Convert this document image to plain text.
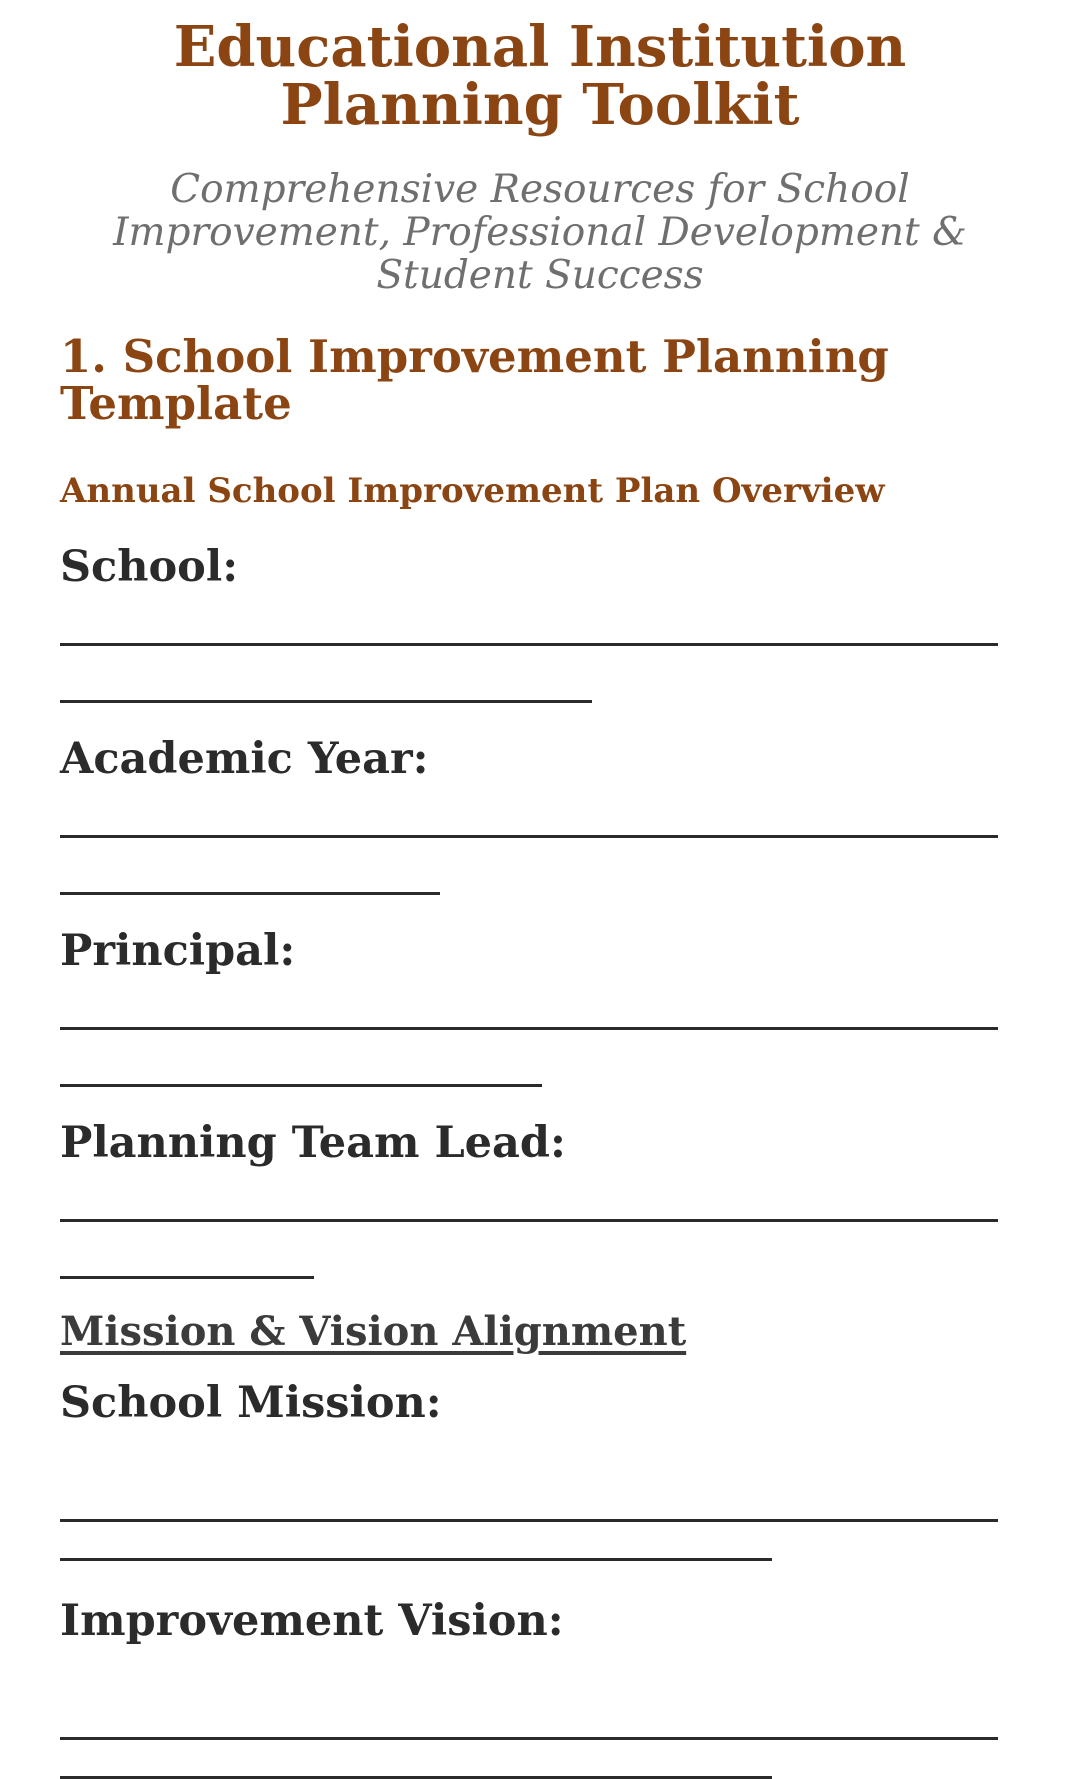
Educational Institution Planning Toolkit

Comprehensive Resources for School Improvement, Professional Development & Student Success

1. School Improvement Planning Template
Annual School Improvement Plan Overview
School:
Academic Year:
Principal:
Planning Team Lead:
Mission & Vision Alignment
School Mission:
Improvement Vision:
